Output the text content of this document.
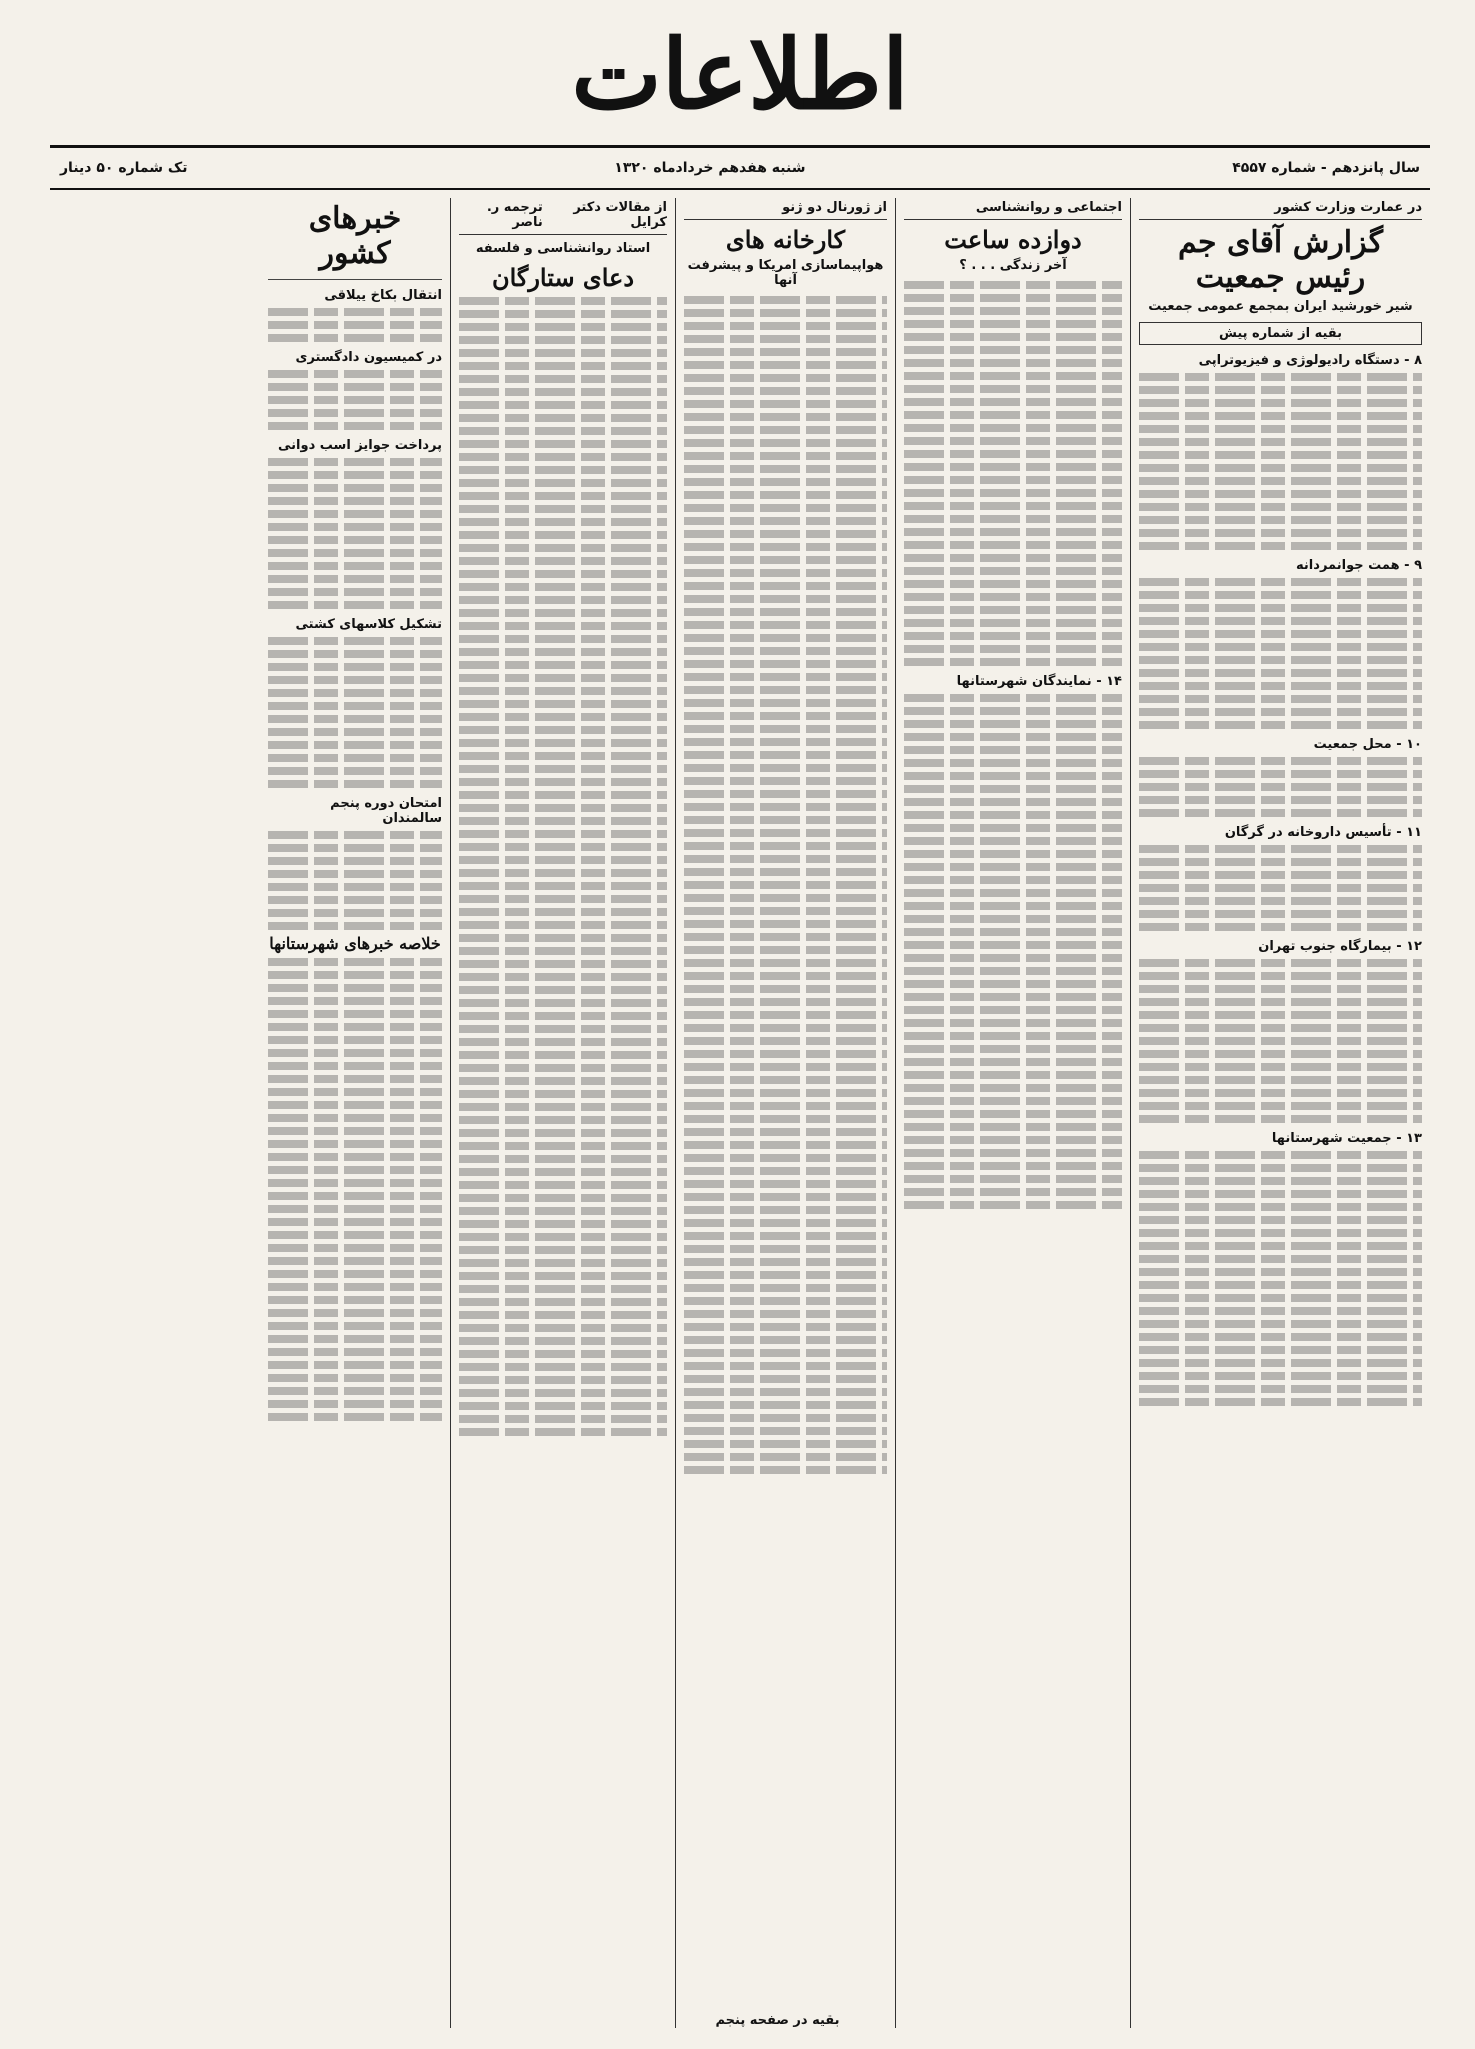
اطلاعات
سال پانزدهم - شماره ۴۵۵۷
شنبه هفدهم خردادماه ۱۳۲۰
تک شماره ۵۰ دینار
در عمارت وزارت کشور
گزارش آقای جم رئیس جمعیت
شیر خورشید ایران بمجمع عمومی جمعیت
بقیه از شماره پیش
۸ - دستگاه رادیولوژی و فیزیوتراپی
۹ - همت جوانمردانه
۱۰ - محل جمعیت
۱۱ - تأسیس داروخانه در گرگان
۱۲ - بیمارگاه جنوب تهران
۱۳ - جمعیت شهرستانها
اجتماعی و روانشناسی
دوازده ساعت
آخر زندگی . . . ؟
۱۴ - نمایندگان شهرستانها
از ژورنال دو ژنو
کارخانه های
هواپیماسازی امریکا و پیشرفت آنها
بقیه در صفحه پنجم
از مقالات دکتر کرایل
ترجمه ر. ناصر
استاد روانشناسی و فلسفه
دعای ستارگان
خبرهای کشور
انتقال بکاخ ییلاقی
در کمیسیون دادگستری
پرداخت جوایز اسب دوانی
تشکیل کلاسهای کشتی
امتحان دوره پنجم سالمندان
خلاصه خبرهای شهرستانها
